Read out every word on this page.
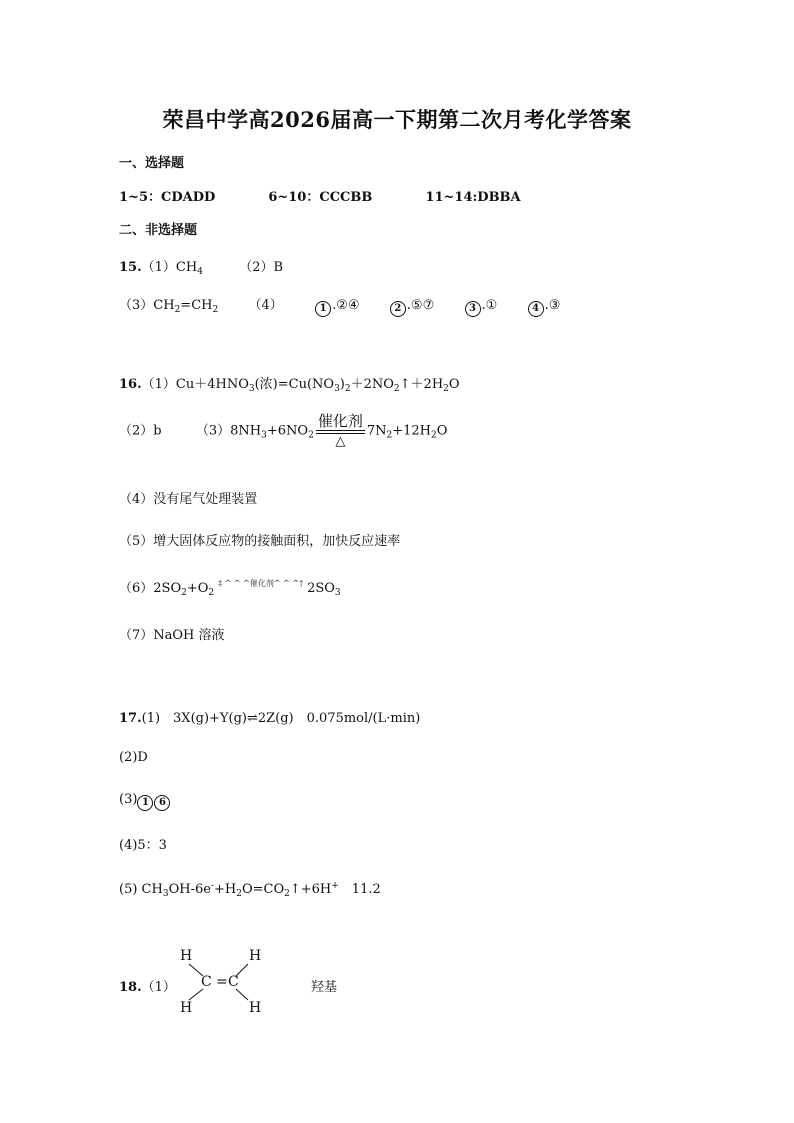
荣昌中学高2026届高一下期第二次月考化学答案
一、选择题
1~5：CDADD	6~10：CCCBB	11~14:DBBA
二、非选择题
$15.(1)CH_4$	（2）B
$(3)CH_2=CH_2$ （4）	1 .②④	2 .⑤⑦	3 .①	4 .③
$16.(1)Cu+4HNO_3$(浓)$=Cu(NO_3)_2+2NO_2↑+2H_2O$
（2）b	$(3)8NH_3+6NO_2 \frac{\text{催化剂}}{\triangle} 7N_2+12H_2O$
（4）没有尾气处理装置
（5）增大固体反应物的接触面积，加快反应速率
$(6)2SO_2+O_2\ddagger$ ^ ^ ^催化剂^ ^ ^† $2SO_3$
（7）NaOH 溶液
17.(1)　3X(g)+Y(g)⇌2Z(g)　0.075mol/(L·min)
(2)D
(3) 1 6
(4)5：3
(5) $CH_3OH-6e^-+H_2O=CO_2↑+6H^+$　11.2
18.（1）
H	H
C = C
H	H
羟基
